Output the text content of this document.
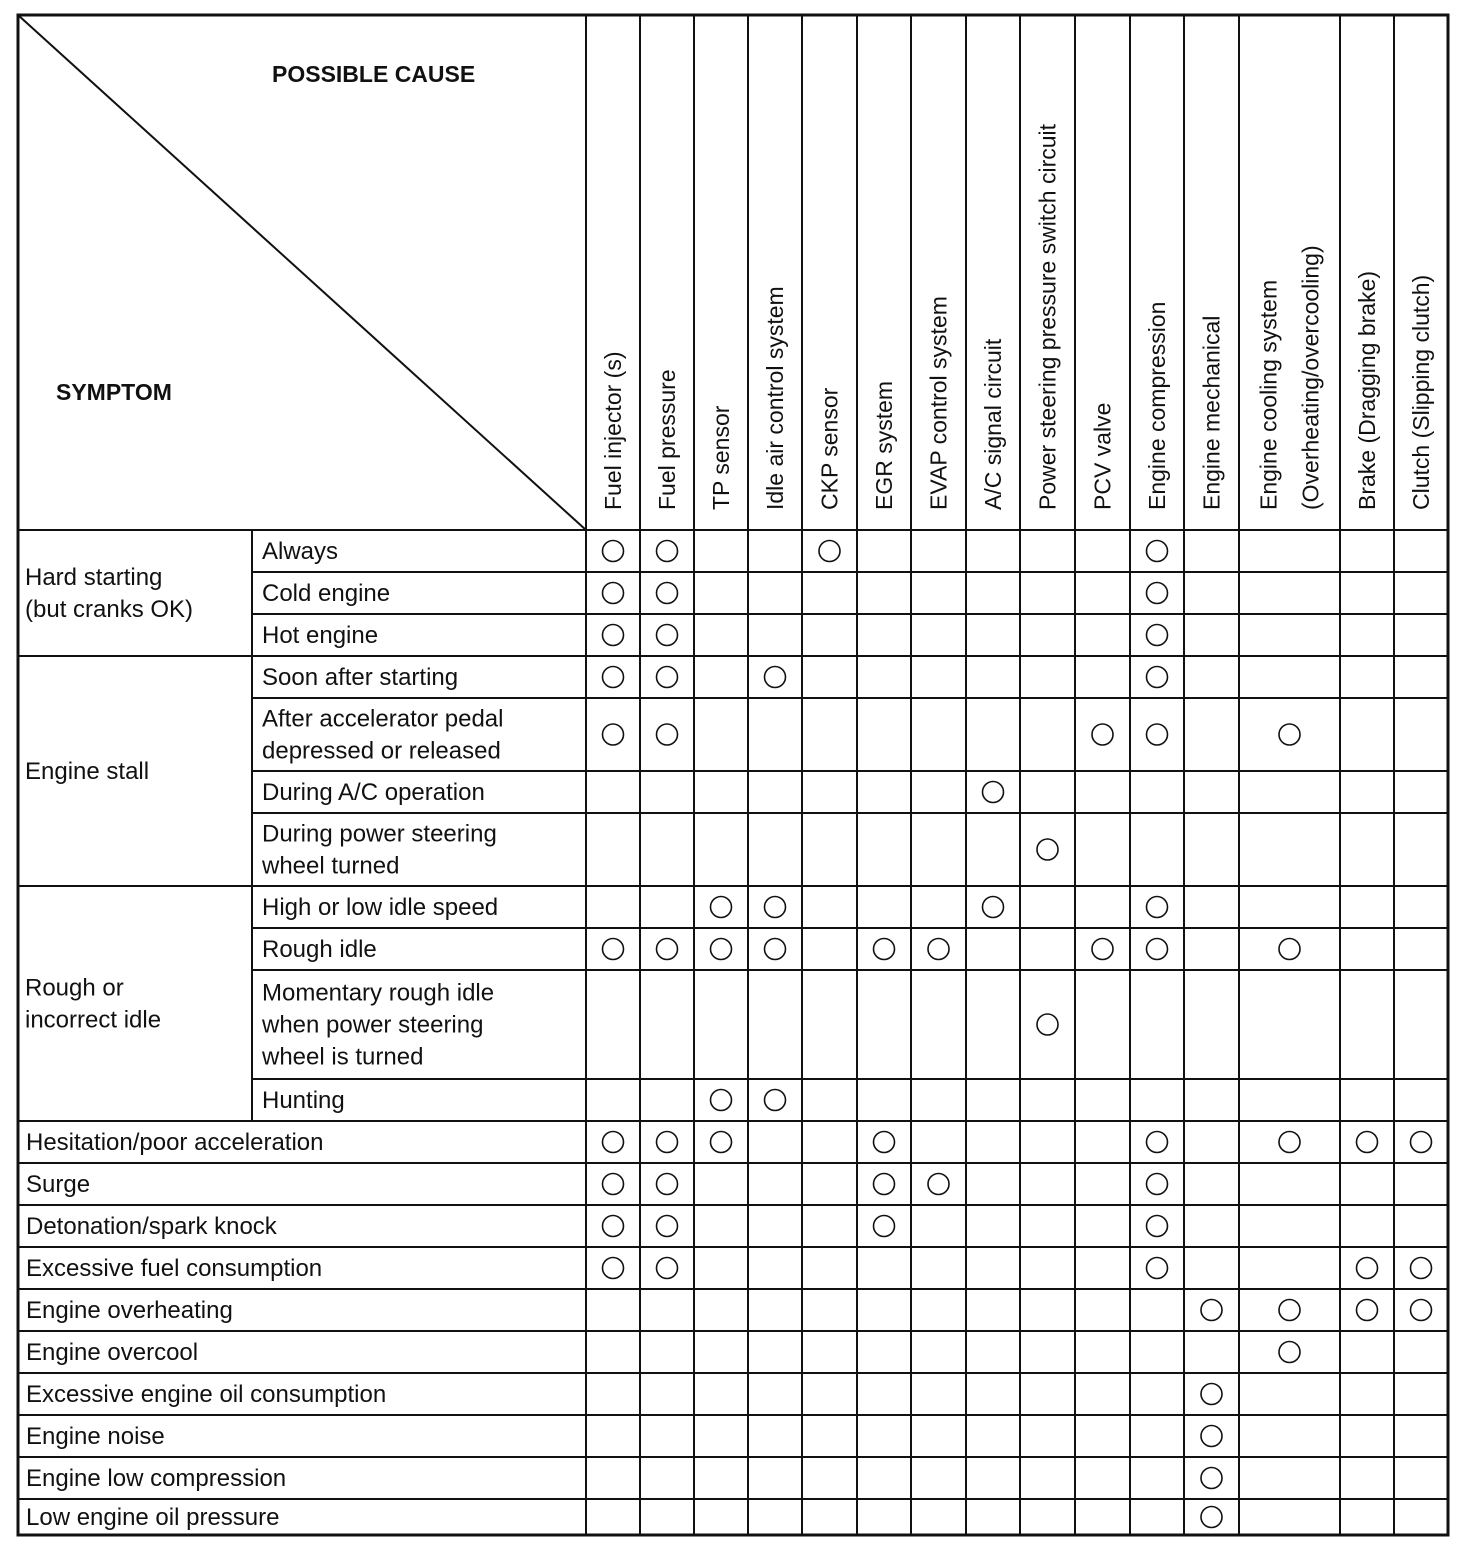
POSSIBLE CAUSE
SYMPTOM	Fuel injector (s) Fuel pressure TP sensor Idle air control system CKP sensor EGR system EVAP control system A/C signal circuit Power steering pressure switch circuit PCV valve Engine compression Engine mechanical Engine cooling system (Overheating/overcooling) Brake (Dragging brake) Clutch (Slipping clutch)
Hard starting
(but cranks OK)
Always
Cold engine
Hot engine
Engine stall
Soon after starting
After accelerator pedal
depressed or released
During A/C operation
During power steering
wheel turned
Rough or
incorrect idle
High or low idle speed
Rough idle
Momentary rough idle
when power steering
wheel is turned
Hunting
Hesitation/poor acceleration
Surge
Detonation/spark knock
Excessive fuel consumption
Engine overheating
Engine overcool
Excessive engine oil consumption
Engine noise
Engine low compression
Low engine oil pressure
